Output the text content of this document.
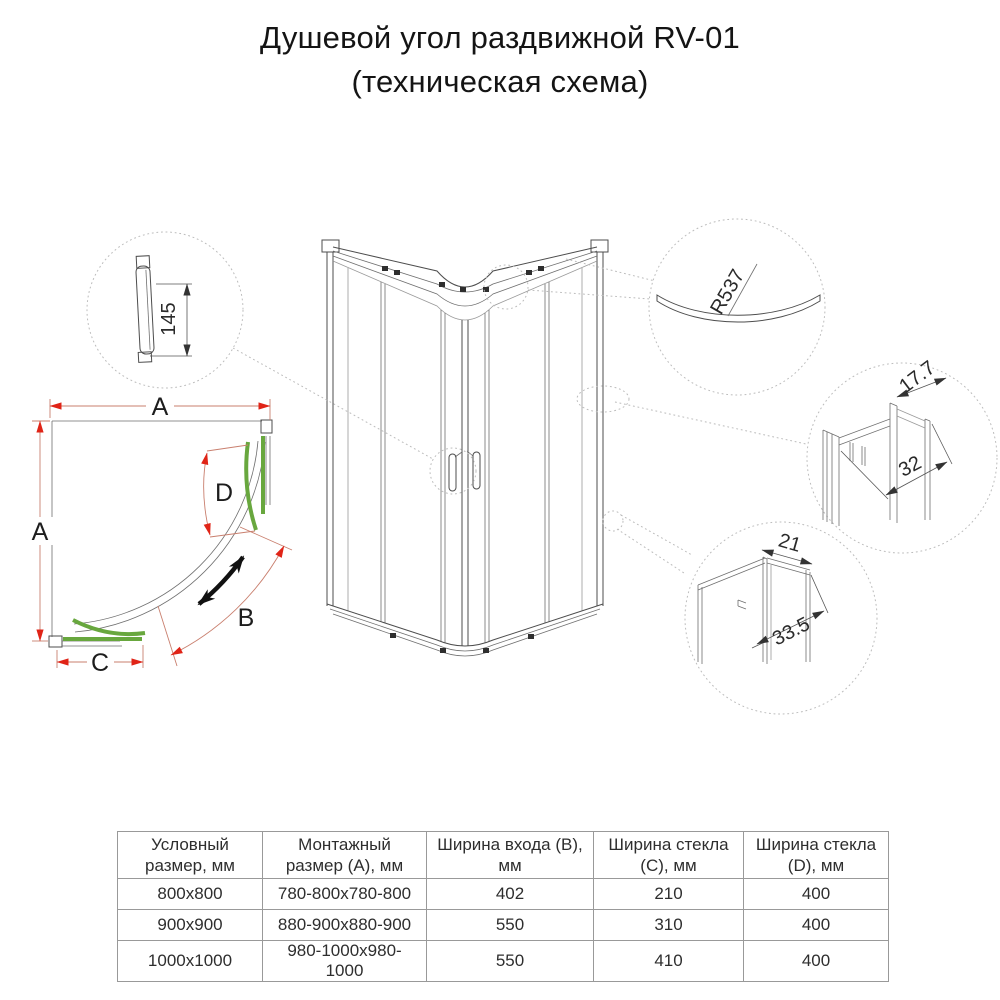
Душевой угол раздвижной RV-01
(техническая схема)
A
A
D
B
C
145
R537
17.7
32
21
33.5
Условный размер, мм	Монтажный размер (А), мм	Ширина входа (В), мм	Ширина стекла (С), мм	Ширина стекла (D), мм
800x800	780-800x780-800	402	210	400
900x900	880-900x880-900	550	310	400
1000x1000	980-1000x980-1000	550	410	400
